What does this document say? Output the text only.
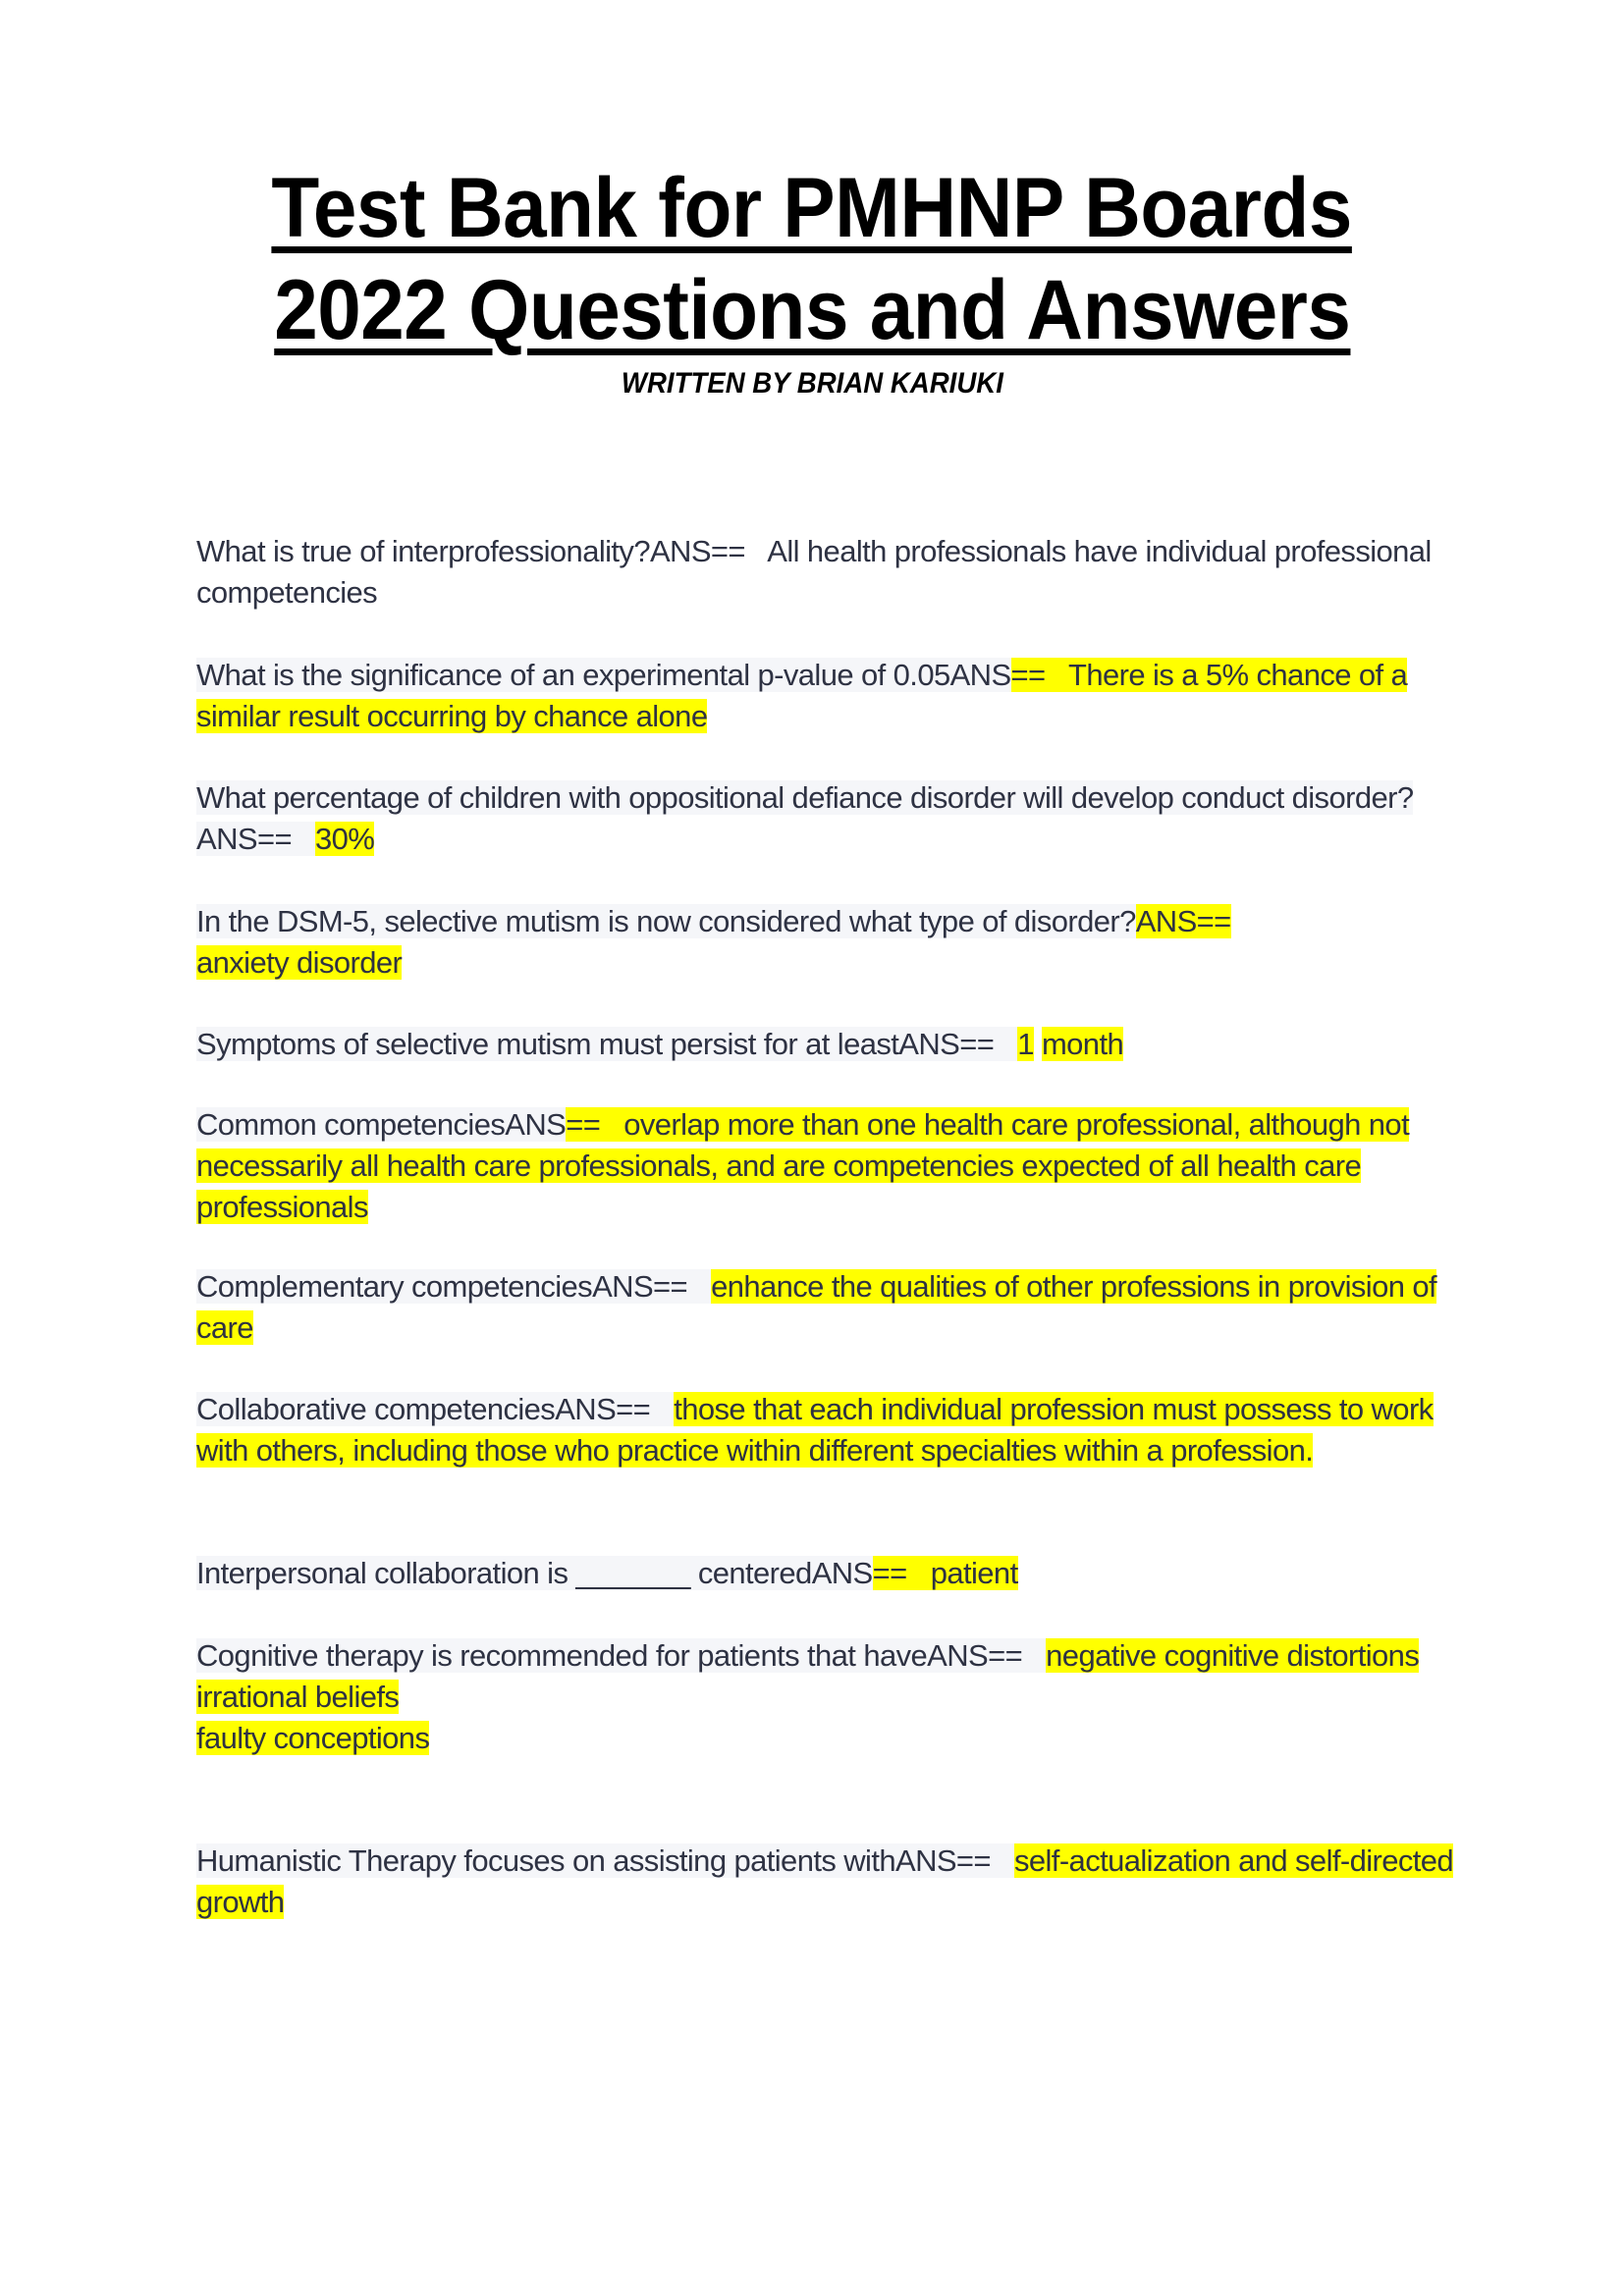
Test Bank for PMHNP Boards
2022 Questions and Answers
WRITTEN BY BRIAN KARIUKI
What is true of interprofessionality?ANS== All health professionals have individual professional competencies
What is the significance of an experimental p-value of 0.05ANS== There is a 5% chance of a similar result occurring by chance alone
What percentage of children with oppositional defiance disorder will develop conduct disorder?ANS== 30%
In the DSM-5, selective mutism is now considered what type of disorder?ANS==
anxiety disorder
Symptoms of selective mutism must persist for at leastANS== 1 month
Common competenciesANS== overlap more than one health care professional, although not necessarily all health care professionals, and are competencies expected of all health care professionals
Complementary competenciesANS== enhance the qualities of other professions in provision of care
Collaborative competenciesANS== those that each individual profession must possess to work with others, including those who practice within different specialties within a profession.
Interpersonal collaboration is _______ centeredANS== patient
Cognitive therapy is recommended for patients that haveANS== negative cognitive distortions
irrational beliefs
faulty conceptions
Humanistic Therapy focuses on assisting patients withANS== self-actualization and self-directed growth
